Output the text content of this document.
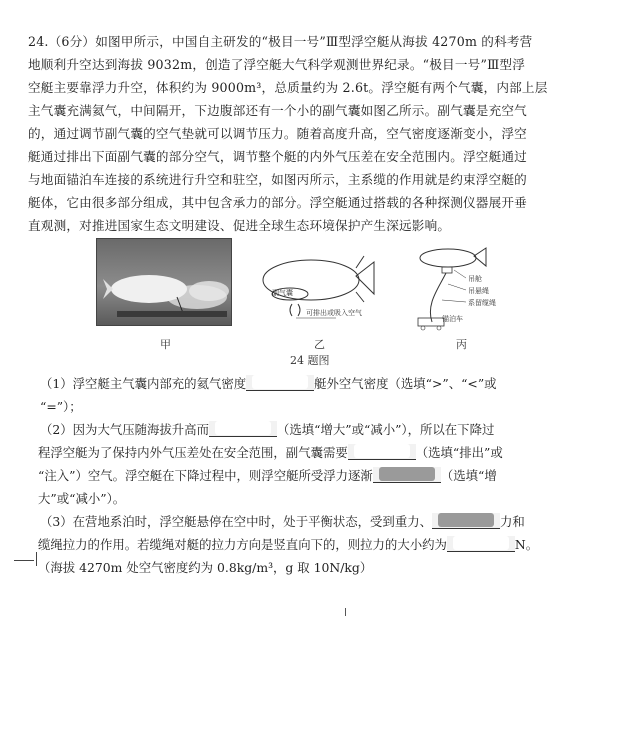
24.（6分）如图甲所示，中国自主研发的“极目一号”Ⅲ型浮空艇从海拔 4270m 的科考营
地顺利升空达到海拔 9032m，创造了浮空艇大气科学观测世界纪录。“极目一号”Ⅲ型浮
空艇主要靠浮力升空，体积约为 9000m³，总质量约为 2.6t。浮空艇有两个气囊，内部上层
主气囊充满氦气，中间隔开，下边腹部还有一个小的副气囊如图乙所示。副气囊是充空气
的，通过调节副气囊的空气垫就可以调节压力。随着高度升高，空气密度逐渐变小，浮空
艇通过排出下面副气囊的部分空气，调节整个艇的内外气压差在安全范围内。浮空艇通过
与地面锚泊车连接的系统进行升空和驻空，如图丙所示，主系缆的作用就是约束浮空艇的
艇体，它由很多部分组成，其中包含承力的部分。浮空艇通过搭载的各种探测仪器展开垂
直观测，对推进国家生态文明建设、促进全球生态环境保护产生深远影响。
甲
副气囊
可排出或吸入空气
乙
吊舱
吊悬绳
系留缆绳
锚泊车
丙
24 题图
（1）浮空艇主气囊内部充的氦气密度	艇外空气密度（选填“>”、“<”或
“=”）；
（2）因为大气压随海拔升高而	（选填“增大”或“减小”），所以在下降过
程浮空艇为了保持内外气压差处在安全范围，副气囊需要	（选填“排出”或
“注入”）空气。浮空艇在下降过程中，则浮空艇所受浮力逐渐	（选填“增
大”或“减小”）。
（3）在营地系泊时，浮空艇悬停在空中时，处于平衡状态，受到重力、	力和
缆绳拉力的作用。若缆绳对艇的拉力方向是竖直向下的，则拉力的大小约为	N。
（海拔 4270m 处空气密度约为 0.8kg/m³，g 取 10N/kg）
